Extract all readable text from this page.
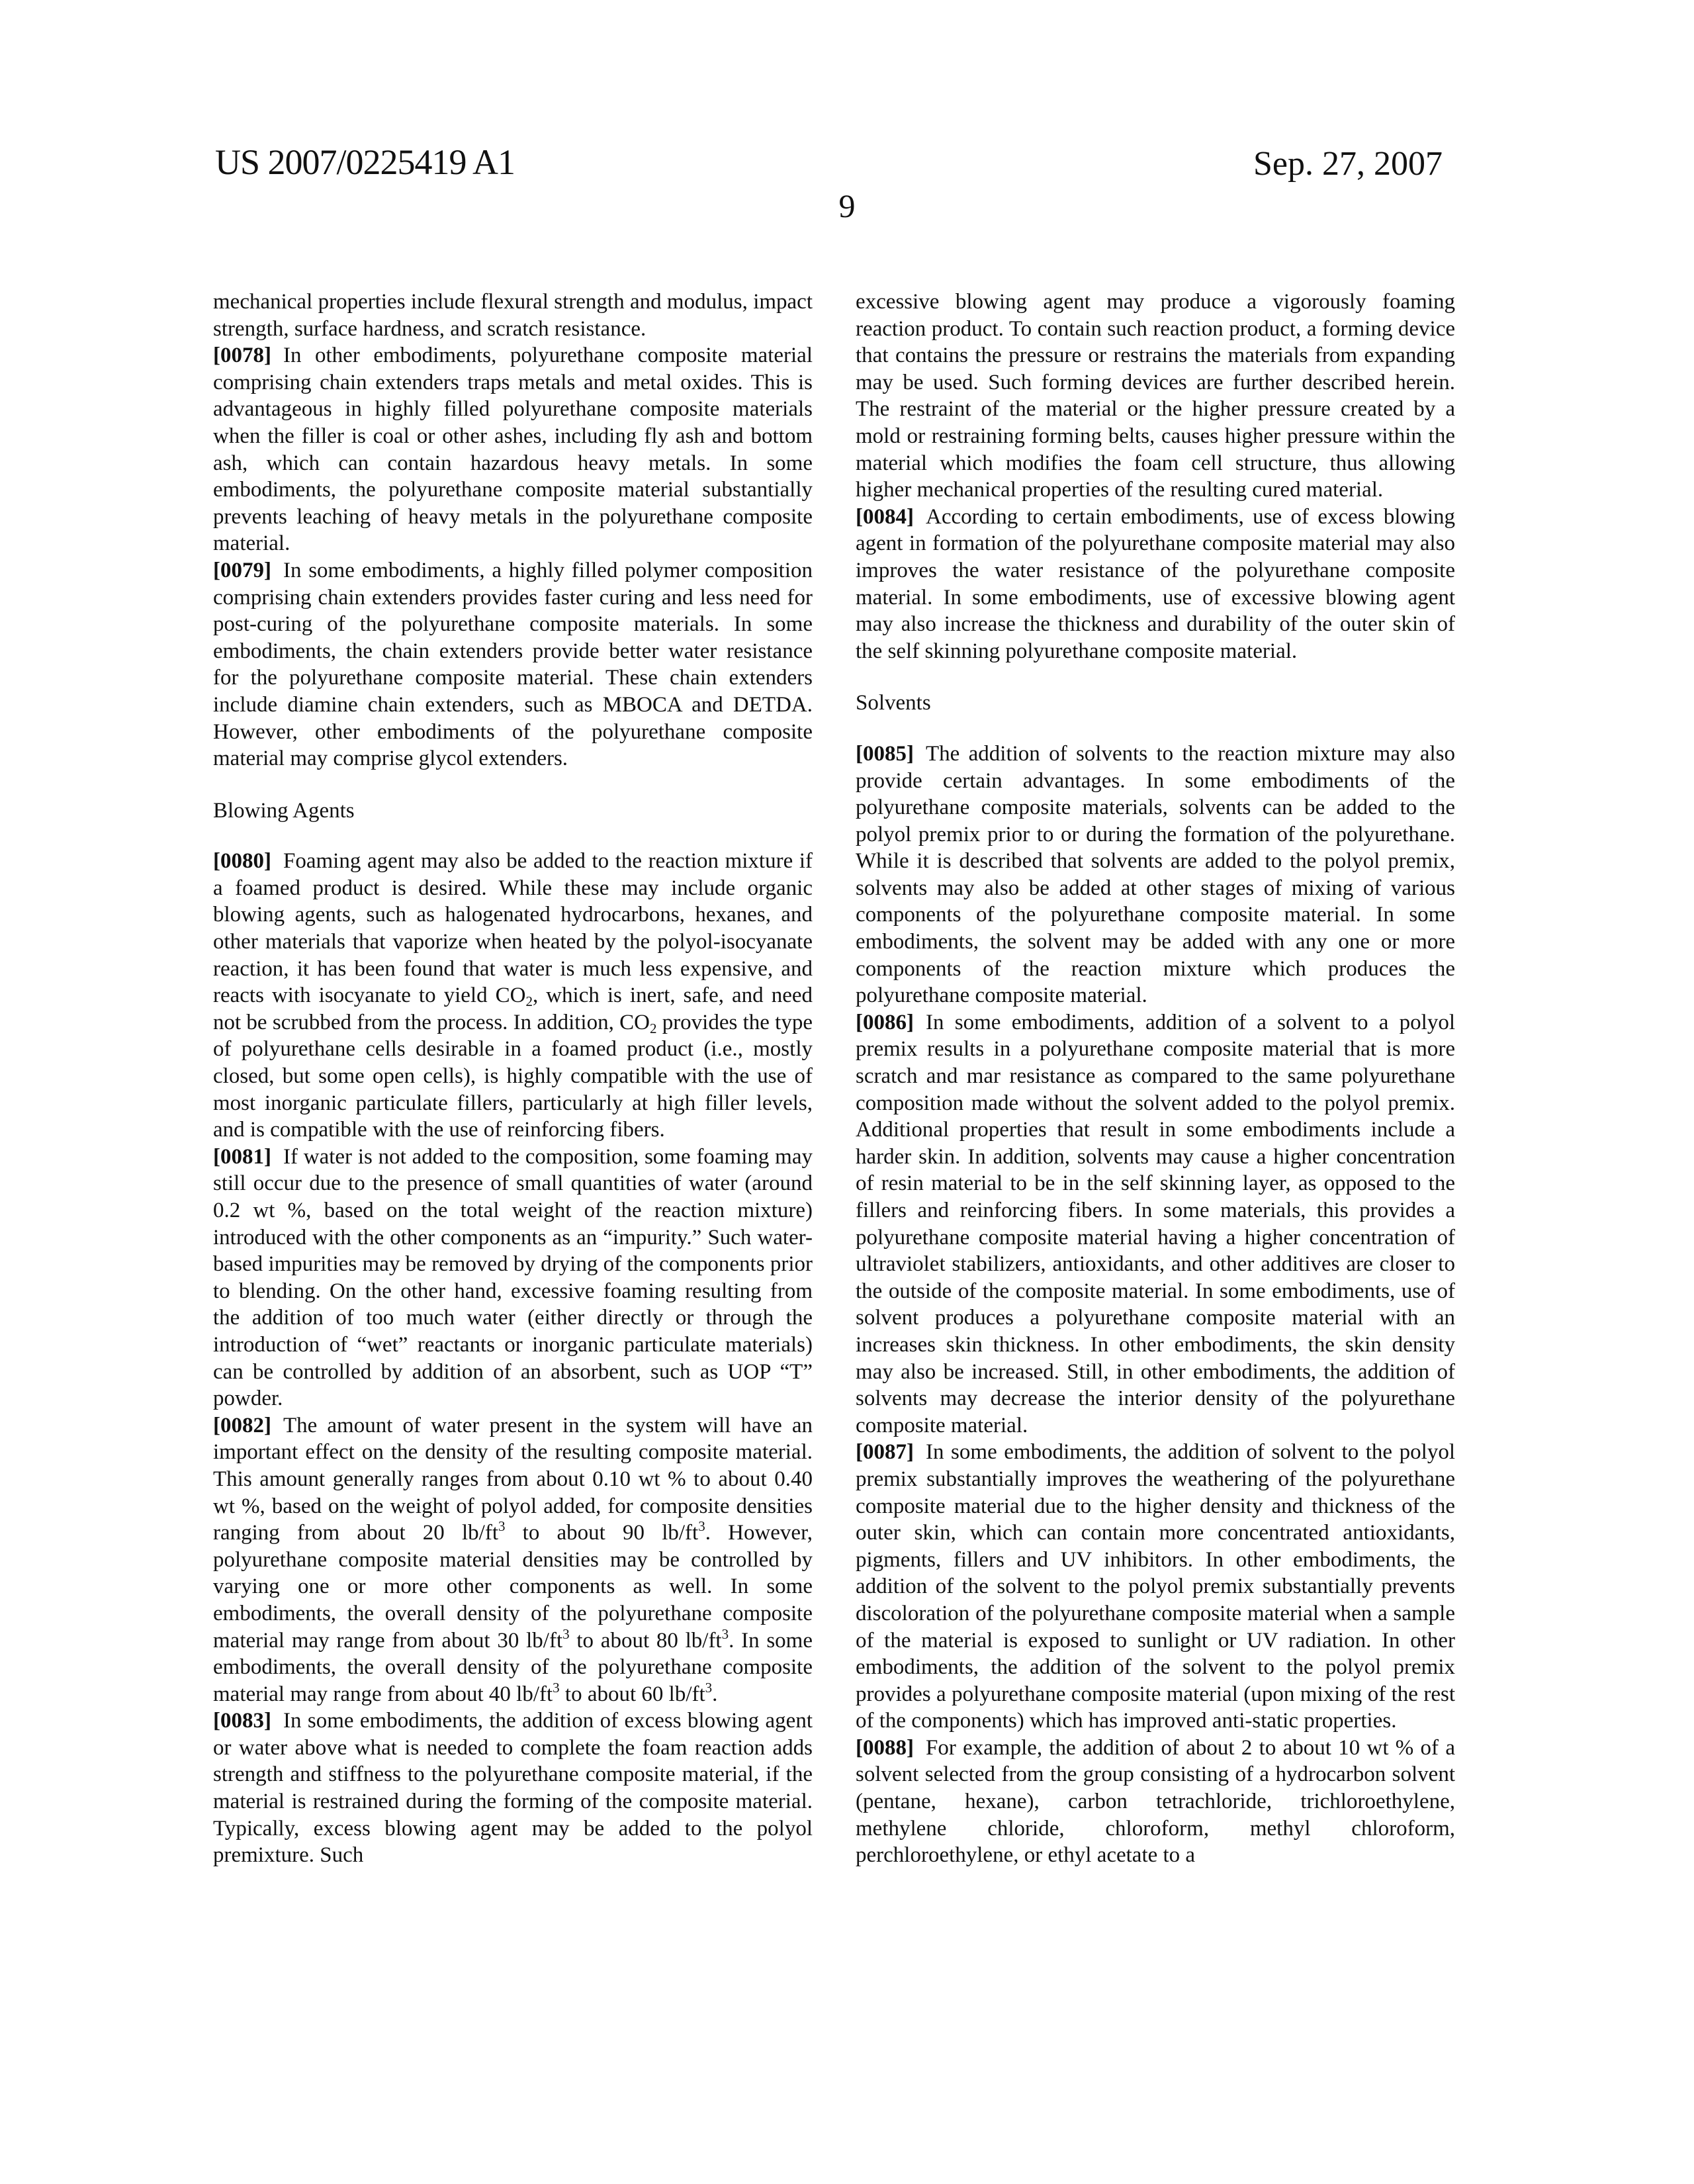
US 2007/0225419 A1	Sep. 27, 2007
9

mechanical properties include flexural strength and modulus, impact strength, surface hardness, and scratch resistance.

[0078] In other embodiments, polyurethane composite material comprising chain extenders traps metals and metal oxides. This is advantageous in highly filled polyurethane composite materials when the filler is coal or other ashes, including fly ash and bottom ash, which can contain hazardous heavy metals. In some embodiments, the polyurethane composite material substantially prevents leaching of heavy metals in the polyurethane composite material.

[0079] In some embodiments, a highly filled polymer composition comprising chain extenders provides faster curing and less need for post-curing of the polyurethane composite materials. In some embodiments, the chain extenders provide better water resistance for the polyurethane composite material. These chain extenders include diamine chain extenders, such as MBOCA and DETDA. However, other embodiments of the polyurethane composite material may comprise glycol extenders.

Blowing Agents

[0080] Foaming agent may also be added to the reaction mixture if a foamed product is desired. While these may include organic blowing agents, such as halogenated hydrocarbons, hexanes, and other materials that vaporize when heated by the polyol-isocyanate reaction, it has been found that water is much less expensive, and reacts with isocyanate to yield $CO_2$, which is inert, safe, and need not be scrubbed from the process. In addition, $CO_2$ provides the type of polyurethane cells desirable in a foamed product (i.e., mostly closed, but some open cells), is highly compatible with the use of most inorganic particulate fillers, particularly at high filler levels, and is compatible with the use of reinforcing fibers.

[0081] If water is not added to the composition, some foaming may still occur due to the presence of small quantities of water (around 0.2 wt %, based on the total weight of the reaction mixture) introduced with the other components as an “impurity.” Such water-based impurities may be removed by drying of the components prior to blending. On the other hand, excessive foaming resulting from the addition of too much water (either directly or through the introduction of “wet” reactants or inorganic particulate materials) can be controlled by addition of an absorbent, such as UOP “T” powder.

[0082] The amount of water present in the system will have an important effect on the density of the resulting composite material. This amount generally ranges from about 0.10 wt % to about 0.40 wt %, based on the weight of polyol added, for composite densities ranging from about 20 $lb/ft^3$ to about 90 $lb/ft^3$. However, polyurethane composite material densities may be controlled by varying one or more other components as well. In some embodiments, the overall density of the polyurethane composite material may range from about 30 $lb/ft^3$ to about 80 $lb/ft^3$. In some embodiments, the overall density of the polyurethane composite material may range from about 40 $lb/ft^3$ to about 60 $lb/ft^3$.

[0083] In some embodiments, the addition of excess blowing agent or water above what is needed to complete the foam reaction adds strength and stiffness to the polyurethane composite material, if the material is restrained during the forming of the composite material. Typically, excess blowing agent may be added to the polyol premixture. Such

excessive blowing agent may produce a vigorously foaming reaction product. To contain such reaction product, a forming device that contains the pressure or restrains the materials from expanding may be used. Such forming devices are further described herein. The restraint of the material or the higher pressure created by a mold or restraining forming belts, causes higher pressure within the material which modifies the foam cell structure, thus allowing higher mechanical properties of the resulting cured material.

[0084] According to certain embodiments, use of excess blowing agent in formation of the polyurethane composite material may also improves the water resistance of the polyurethane composite material. In some embodiments, use of excessive blowing agent may also increase the thickness and durability of the outer skin of the self skinning polyurethane composite material.

Solvents

[0085] The addition of solvents to the reaction mixture may also provide certain advantages. In some embodiments of the polyurethane composite materials, solvents can be added to the polyol premix prior to or during the formation of the polyurethane. While it is described that solvents are added to the polyol premix, solvents may also be added at other stages of mixing of various components of the polyurethane composite material. In some embodiments, the solvent may be added with any one or more components of the reaction mixture which produces the polyurethane composite material.

[0086] In some embodiments, addition of a solvent to a polyol premix results in a polyurethane composite material that is more scratch and mar resistance as compared to the same polyurethane composition made without the solvent added to the polyol premix. Additional properties that result in some embodiments include a harder skin. In addition, solvents may cause a higher concentration of resin material to be in the self skinning layer, as opposed to the fillers and reinforcing fibers. In some materials, this provides a polyurethane composite material having a higher concentration of ultraviolet stabilizers, antioxidants, and other additives are closer to the outside of the composite material. In some embodiments, use of solvent produces a polyurethane composite material with an increases skin thickness. In other embodiments, the skin density may also be increased. Still, in other embodiments, the addition of solvents may decrease the interior density of the polyurethane composite material.

[0087] In some embodiments, the addition of solvent to the polyol premix substantially improves the weathering of the polyurethane composite material due to the higher density and thickness of the outer skin, which can contain more concentrated antioxidants, pigments, fillers and UV inhibitors. In other embodiments, the addition of the solvent to the polyol premix substantially prevents discoloration of the polyurethane composite material when a sample of the material is exposed to sunlight or UV radiation. In other embodiments, the addition of the solvent to the polyol premix provides a polyurethane composite material (upon mixing of the rest of the components) which has improved anti-static properties.

[0088] For example, the addition of about 2 to about 10 wt % of a solvent selected from the group consisting of a hydrocarbon solvent (pentane, hexane), carbon tetrachloride, trichloroethylene, methylene chloride, chloroform, methyl chloroform, perchloroethylene, or ethyl acetate to a
